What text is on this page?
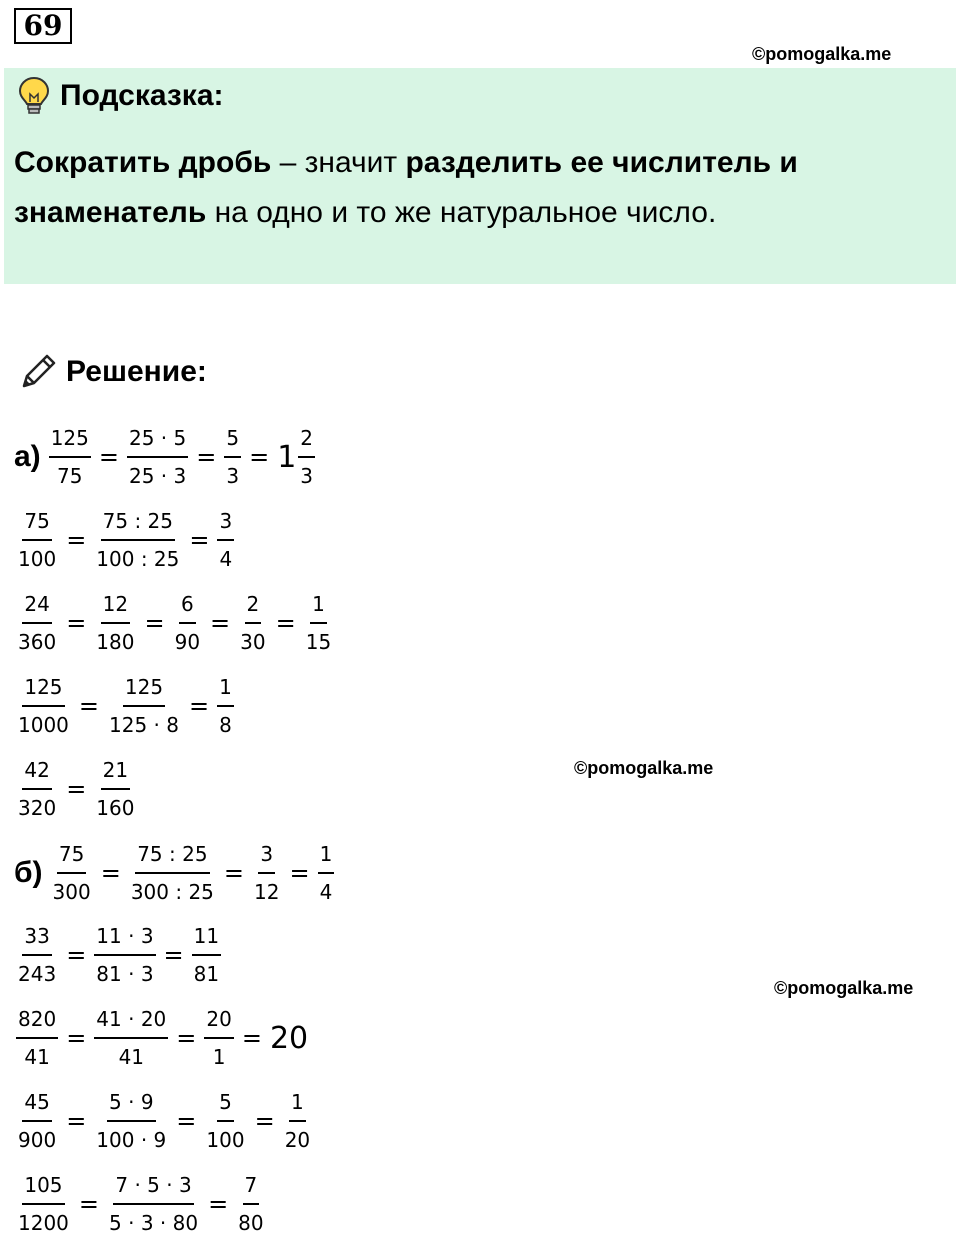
69
©pomogalka.me
Подсказка:
Сократить дробь – значит разделить ее числитель и знаменатель на одно и то же натуральное число.
Решение:
©pomogalka.me
©pomogalka.me
$а) \frac{125}{75} = \frac{25 \cdot 5}{25 \cdot 3} = \frac{5}{3} = 1 \frac{2}{3}$
$\frac{75}{100} = \frac{75 : 25}{100 : 25} = \frac{3}{4}$
$\frac{24}{360} = \frac{12}{180} = \frac{6}{90} = \frac{2}{30} = \frac{1}{15}$
$\frac{125}{1000} = \frac{125}{125 \cdot 8} = \frac{1}{8}$
$\frac{42}{320} = \frac{21}{160}$
$б) \frac{75}{300} = \frac{75 : 25}{300 : 25} = \frac{3}{12} = \frac{1}{4}$
$\frac{33}{243} = \frac{11 \cdot 3}{81 \cdot 3} = \frac{11}{81}$
$\frac{820}{41} = \frac{41 \cdot 20}{41} = \frac{20}{1} = 20$
$\frac{45}{900} = \frac{5 \cdot 9}{100 \cdot 9} = \frac{5}{100} = \frac{1}{20}$
$\frac{105}{1200} = \frac{7 \cdot 5 \cdot 3}{5 \cdot 3 \cdot 80} = \frac{7}{80}$
